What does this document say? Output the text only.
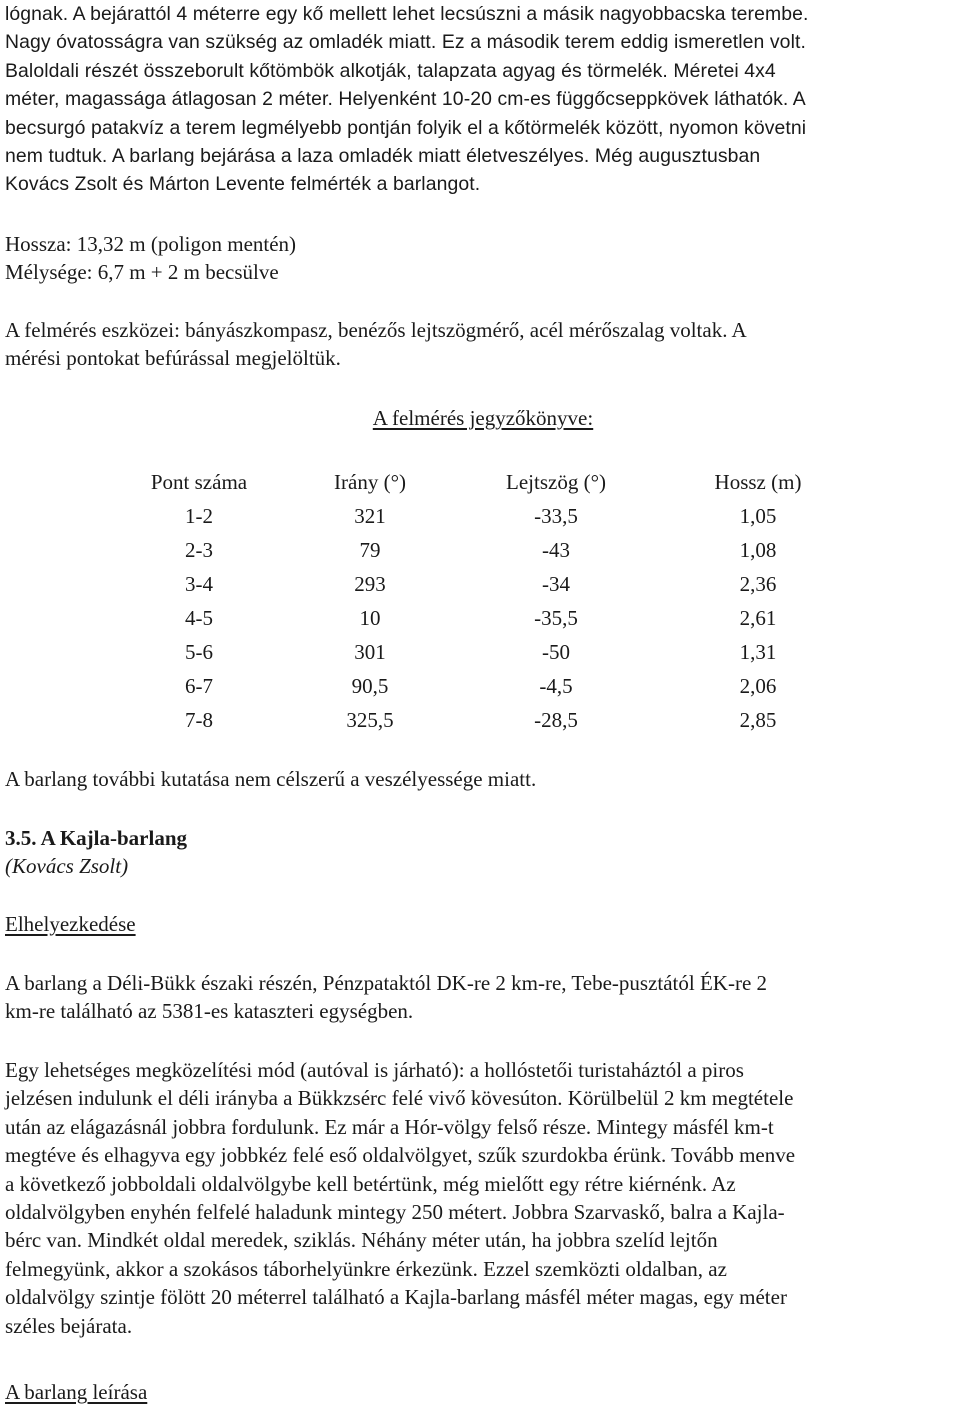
lógnak. A bejárattól 4 méterre egy kő mellett lehet lecsúszni a másik nagyobbacska terembe.
Nagy óvatosságra van szükség az omladék miatt. Ez a második terem eddig ismeretlen volt.
Baloldali részét összeborult kőtömbök alkotják, talapzata agyag és törmelék. Méretei 4x4
méter, magassága átlagosan 2 méter. Helyenként 10-20 cm-es függőcseppkövek láthatók. A
becsurgó patakvíz a terem legmélyebb pontján folyik el a kőtörmelék között, nyomon követni
nem tudtuk. A barlang bejárása a laza omladék miatt életveszélyes. Még augusztusban
Kovács Zsolt és Márton Levente felmérték a barlangot.
Hossza: 13,32 m (poligon mentén)
Mélysége: 6,7 m + 2 m becsülve
A felmérés eszközei: bányászkompasz, benézős lejtszögmérő, acél mérőszalag voltak. A
mérési pontokat befúrással megjelöltük.
A felmérés jegyzőkönyve:
Pont száma	Irány (°)	Lejtszög (°)	Hossz (m)
1-2	321	-33,5	1,05
2-3	79	-43	1,08
3-4	293	-34	2,36
4-5	10	-35,5	2,61
5-6	301	-50	1,31
6-7	90,5	-4,5	2,06
7-8	325,5	-28,5	2,85
A barlang további kutatása nem célszerű a veszélyessége miatt.
3.5. A Kajla-barlang
(Kovács Zsolt)
Elhelyezkedése
A barlang a Déli-Bükk északi részén, Pénzpataktól DK-re 2 km-re, Tebe-pusztától ÉK-re 2
km-re található az 5381-es kataszteri egységben.
Egy lehetséges megközelítési mód (autóval is járható): a hollóstetői turistaháztól a piros
jelzésen indulunk el déli irányba a Bükkzsérc felé vivő kövesúton. Körülbelül 2 km megtétele
után az elágazásnál jobbra fordulunk. Ez már a Hór-völgy felső része. Mintegy másfél km-t
megtéve és elhagyva egy jobbkéz felé eső oldalvölgyet, szűk szurdokba érünk. Tovább menve
a következő jobboldali oldalvölgybe kell betértünk, még mielőtt egy rétre kiérnénk. Az
oldalvölgyben enyhén felfelé haladunk mintegy 250 métert. Jobbra Szarvaskő, balra a Kajla-
bérc van. Mindkét oldal meredek, sziklás. Néhány méter után, ha jobbra szelíd lejtőn
felmegyünk, akkor a szokásos táborhelyünkre érkezünk. Ezzel szemközti oldalban, az
oldalvölgy szintje fölött 20 méterrel található a Kajla-barlang másfél méter magas, egy méter
széles bejárata.
A barlang leírása
